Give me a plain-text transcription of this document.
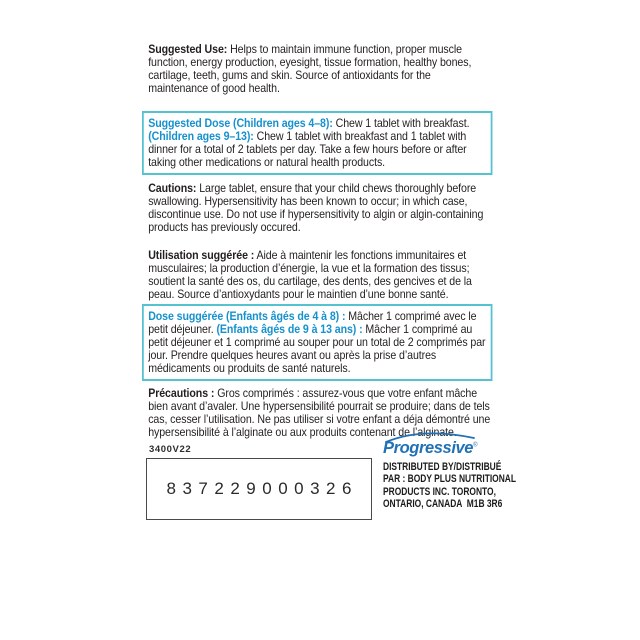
Suggested Use: Helps to maintain immune function, proper muscle function, energy production, eyesight, tissue formation, healthy bones, cartilage, teeth, gums and skin. Source of antioxidants for the maintenance of good health.

Suggested Dose (Children ages 4–8): Chew 1 tablet with breakfast. (Children ages 9–13): Chew 1 tablet with breakfast and 1 tablet with dinner for a total of 2 tablets per day. Take a few hours before or after taking other medications or natural health products.

Cautions: Large tablet, ensure that your child chews thoroughly before swallowing. Hypersensitivity has been known to occur; in which case, discontinue use. Do not use if hypersensitivity to algin or algin-containing products has previously occured.

Utilisation suggérée : Aide à maintenir les fonctions immunitaires et musculaires; la production d’énergie, la vue et la formation des tissus; soutient la santé des os, du cartilage, des dents, des gencives et de la peau. Source d’antioxydants pour le maintien d’une bonne santé.

Dose suggérée (Enfants âgés de 4 à 8) : Mâcher 1 comprimé avec le petit déjeuner. (Enfants âgés de 9 à 13 ans) : Mâcher 1 comprimé au petit déjeuner et 1 comprimé au souper pour un total de 2 comprimés par jour. Prendre quelques heures avant ou après la prise d’autres médicaments ou produits de santé naturels.

Précautions : Gros comprimés : assurez-vous que votre enfant mâche bien avant d’avaler. Une hypersensibilité pourrait se produire; dans de tels cas, cesser l’utilisation. Ne pas utiliser si votre enfant a déja démontré une hypersensibilité à l’alginate ou aux produits contenant de l’alginate.

3400V22
837229000326
Progressive®
DISTRIBUTED BY/DISTRIBUÉ
PAR : BODY PLUS NUTRITIONAL
PRODUCTS INC. TORONTO,
ONTARIO, CANADA  M1B 3R6
